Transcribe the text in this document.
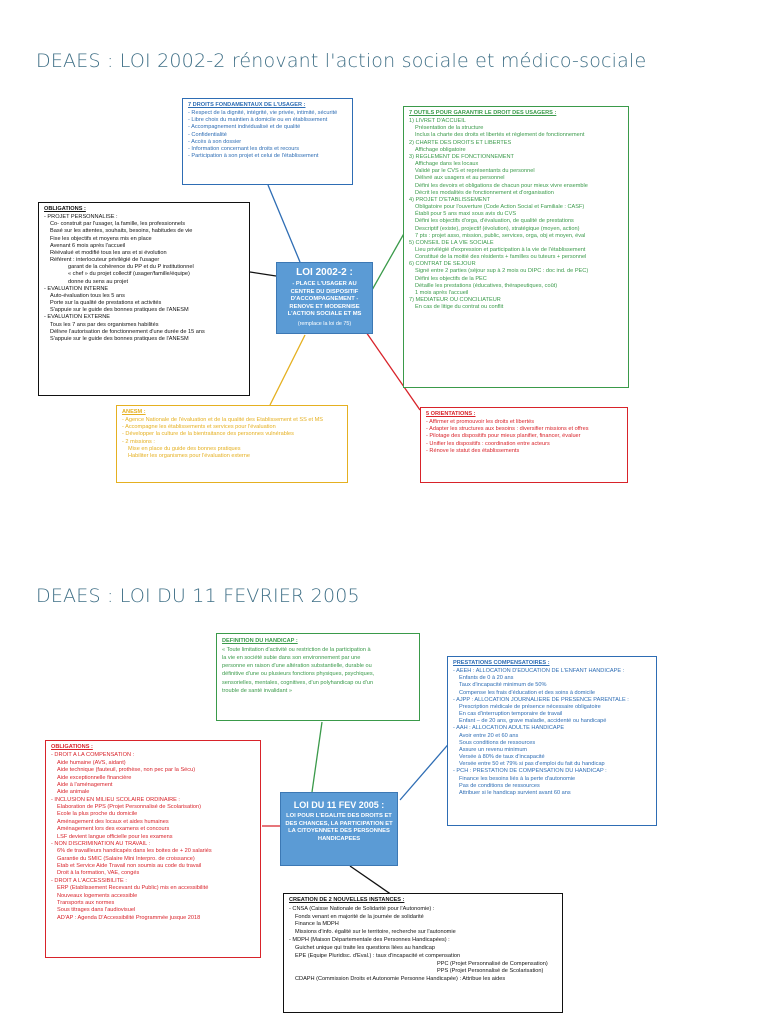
DEAES : LOI 2002-2 rénovant l'action sociale et médico-sociale
7 DROITS FONDAMENTAUX DE L'USAGER :
- Respect de la dignité, intégrité, vie privée, intimité, sécurité
- Libre choix du maintien à domicile ou en établissement
- Accompagnement individualisé et de qualité
- Confidentialité
- Accès à son dossier
- Information concernant les droits et recours
- Participation à son projet et celui de l'établissement
7 OUTILS POUR GARANTIR LE DROIT DES USAGERS :
1) LIVRET D'ACCUEIL
Présentation de la structure
Inclus la charte des droits et libertés et règlement de fonctionnement
2) CHARTE DES DROITS ET LIBERTES
Affichage obligatoire
3) REGLEMENT DE FONCTIONNEMENT
Affichage dans les locaux
Validé par le CVS et représentants du personnel
Délivré aux usagers et au personnel
Défini les devoirs et obligations de chacun pour mieux vivre ensemble
Décrit les modalités de fonctionnement et d'organisation
4) PROJET D'ETABLISSEMENT
Obligatoire pour l'ouverture (Code Action Social et Familiale : CASF)
Établi pour 5 ans maxi sous avis du CVS
Défini les objectifs d'orga, d'évaluation, de qualité de prestations
Descriptif (existe), projectif (évolution), stratégique (moyen, action)
7 pts : projet asso, mission, public, services, orga, obj et moyen, éval
5) CONSEIL DE LA VIE SOCIALE
Lieu privilégié d'expression et participation à la vie de l'établissement
Constitué de la moitié des résidents + familles ou tuteurs + personnel
6) CONTRAT DE SEJOUR
Signé entre 2 parties (séjour sup à 2 mois ou DIPC : doc ind. de PEC)
Défini les objectifs de la PEC
Détaille les prestations (éducatives, thérapeutiques, coût)
1 mois après l'accueil
7) MEDIATEUR OU CONCILIATEUR
En cas de litige du contrat ou conflit
OBLIGATIONS :
- PROJET PERSONNALISE :
Co- construit par l'usager, la famille, les professionnels
Basé sur les attentes, souhaits, besoins, habitudes de vie
Fixe les objectifs et moyens mis en place
Avenant 6 mois après l'accueil
Réévalué et modifié tous les ans et si évolution
Référent : interlocuteur privilégié de l'usager
garant de la cohérence du PP et du P institutionnel
« chef » du projet collectif (usager/famille/équipe)
donne du sens au projet
- EVALUATION INTERNE
Auto-évaluation tous les 5 ans
Porte sur la qualité de prestations et activités
S'appuie sur le guide des bonnes pratiques de l'ANESM
- EVALUATION EXTERNE
Tous les 7 ans par des organismes habilités
Délivre l'autorisation de fonctionnement d'une durée de 15 ans
S'appuie sur le guide des bonnes pratiques de l'ANESM
LOI 2002-2 :
- PLACE L'USAGER AU CENTRE DU DISPOSITIF D'ACCOMPAGNEMENT - RENOVE ET MODERNISE L'ACTION SOCIALE ET MS
(remplace la loi de 75)
ANESM :
- Agence Nationale de l'évaluation et de la qualité des Etablissement et SS et MS
- Accompagne les établissements et services pour l'évaluation
- Développer la culture de la bientraitance des personnes vulnérables
- 2 missions :
Mise en place du guide des bonnes pratiques
Habiliter les organismes pour l'évaluation externe
5 ORIENTATIONS :
- Affirmer et promouvoir les droits et libertés
- Adapter les structures aux besoins : diversifier missions et offres
- Pilotage des dispositifs pour mieux planifier, financer, évaluer
- Unifier les dispositifs : coordination entre acteurs
- Rénove le statut des établissements
DEAES : LOI DU 11 FEVRIER 2005
DEFINITION DU HANDICAP :
« Toute limitation d'activité ou restriction de la participation à
la vie en société subie dans son environnement par une
personne en raison d'une altération substantielle, durable ou
définitive d'une ou plusieurs fonctions physiques, psychiques,
sensorielles, mentales, cognitives, d'un polyhandicap ou d'un
trouble de santé invalidant »
PRESTATIONS COMPENSATOIRES :
- AEEH : ALLOCATION D'EDUCATION DE L'ENFANT HANDICAPE :
Enfants de 0 à 20 ans
Taux d'incapacité minimum de 50%
Compense les frais d'éducation et des soins à domicile
- AJPP : ALLOCATION JOURNALIERE DE PRESENCE PARENTALE :
Prescription médicale de présence nécessaire obligatoire
En cas d'interruption temporaire de travail
Enfant – de 20 ans, grave maladie, accidenté ou handicapé
- AAH : ALLOCATION ADULTE HANDICAPE
Avoir entre 20 et 60 ans
Sous conditions de ressources
Assure un revenu minimum
Versée à 80% de taux d'incapacité
Versée entre 50 et 79% si pas d'emploi du fait du handicap
- PCH : PRESTATION DE COMPENSATION DU HANDICAP :
Finance les besoins liés à la perte d'autonomie
Pas de conditions de ressources
Attribuer si le handicap survient avant 60 ans
OBLIGATIONS :
- DROIT A LA COMPENSATION :
Aide humaine (AVS, aidant)
Aide technique (fauteuil, prothèse, non pec par la Sécu)
Aide exceptionnelle financière
Aide à l'aménagement
Aide animale
- INCLUSION EN MILIEU SCOLAIRE ORDINAIRE :
Elaboration de PPS (Projet Personnalisé de Scolarisation)
Ecole la plus proche du domicile
Aménagement des locaux et aides humaines
Aménagement lors des examens et concours
LSF devient langue officielle pour les examens
- NON DISCRIMINATION AU TRAVAIL :
6% de travailleurs handicapés dans les boites de + 20 salariés
Garantie du SMIC (Salaire Mini Interpro. de croissance)
Etab et Service Aide Travail non soumis au code du travail
Droit à la formation, VAE, congés
- DROIT A L'ACCESSIBILITE :
ERP (Etablissement Recevant du Public) mis en accessibilité
Nouveaux logements accessible
Transports aux normes
Sous titrages dans l'audiovisuel
AD'AP : Agenda D'Accessibilité Programmée jusque 2018
LOI DU 11 FEV 2005 :
LOI POUR L'EGALITE DES DROITS ET DES CHANCES, LA PARTICIPATION ET LA CITOYENNETE DES PERSONNES HANDICAPEES
CREATION DE 2 NOUVELLES INSTANCES :
- CNSA (Caisse Nationale de Solidarité pour l'Autonomie) :
Fonds venant en majorité de la journée de solidarité
Finance la MDPH
Missions d'info. égalité sur le territoire, recherche sur l'autonomie
- MDPH (Maison Départementale des Personnes Handicapées) :
Guichet unique qui traite les questions liées au handicap
EPE (Equipe Pluridisc. d'Eval.) : taux d'incapacité et compensation
PPC (Projet Personnalisé de Compensation)
PPS (Projet Personnalisé de Scolarisation)
CDAPH (Commission Droits et Autonomie Personne Handicapée) : Attribue les aides
